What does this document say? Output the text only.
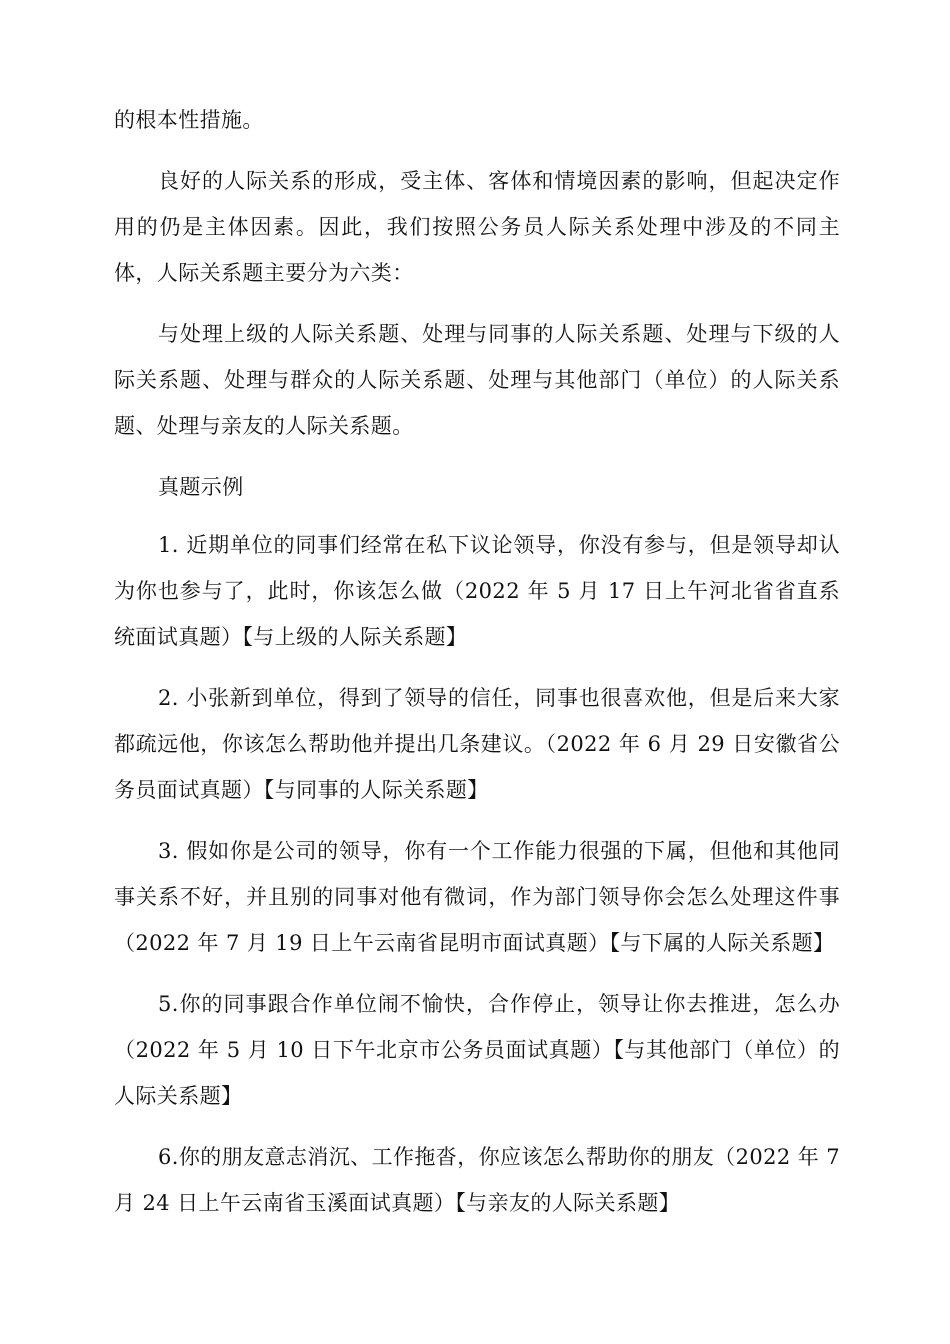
的根本性措施。

良好的人际关系的形成，受主体、客体和情境因素的影响，但起决定作用的仍是主体因素。因此，我们按照公务员人际关系处理中涉及的不同主体，人际关系题主要分为六类：

与处理上级的人际关系题、处理与同事的人际关系题、处理与下级的人际关系题、处理与群众的人际关系题、处理与其他部门（单位）的人际关系题、处理与亲友的人际关系题。

真题示例

1. 近期单位的同事们经常在私下议论领导，你没有参与，但是领导却认为你也参与了，此时，你该怎么做（2022 年 5 月 17 日上午河北省省直系统面试真题）【与上级的人际关系题】

2. 小张新到单位，得到了领导的信任，同事也很喜欢他，但是后来大家都疏远他，你该怎么帮助他并提出几条建议。（2022 年 6 月 29 日安徽省公务员面试真题）【与同事的人际关系题】

3. 假如你是公司的领导，你有一个工作能力很强的下属，但他和其他同事关系不好，并且别的同事对他有微词，作为部门领导你会怎么处理这件事（2022 年 7 月 19 日上午云南省昆明市面试真题）【与下属的人际关系题】

5.你的同事跟合作单位闹不愉快，合作停止，领导让你去推进，怎么办（2022 年 5 月 10 日下午北京市公务员面试真题）【与其他部门（单位）的人际关系题】

6.你的朋友意志消沉、工作拖沓，你应该怎么帮助你的朋友（2022 年 7 月 24 日上午云南省玉溪面试真题）【与亲友的人际关系题】
